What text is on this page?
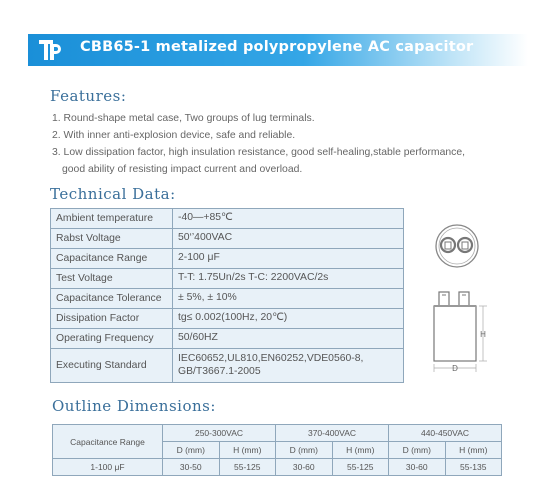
CBB65-1 metalized polypropylene AC capacitor
Features:
1. Round-shape metal case, Two groups of lug terminals.
2. With inner anti-explosion device, safe and reliable.
3. Low dissipation factor, high insulation resistance, good self-healing,stable performance,
good ability of resisting impact current and overload.
Technical Data:
Ambient temperature	-40—+85℃
Rabst Voltage	50‘’400VAC
Capacitance Range	2-100 μF
Test Voltage	T-T: 1.75Un/2s T-C: 2200VAC/2s
Capacitance Tolerance	± 5%, ± 10%
Dissipation Factor	tg≤ 0.002(100Hz, 20℃)
Operating Frequency	50/60HZ
Executing Standard	IEC60652,UL810,EN60252,VDE0560-8,
GB/T3667.1-2005
H
D
Outline Dimensions:
Capacitance Range	250-300VAC		370-400VAC		440-450VAC	
	D (mm)	H (mm)	D (mm)	H (mm)	D (mm)	H (mm)
1-100 μF	30-50	55-125	30-60	55-125	30-60	55-135
